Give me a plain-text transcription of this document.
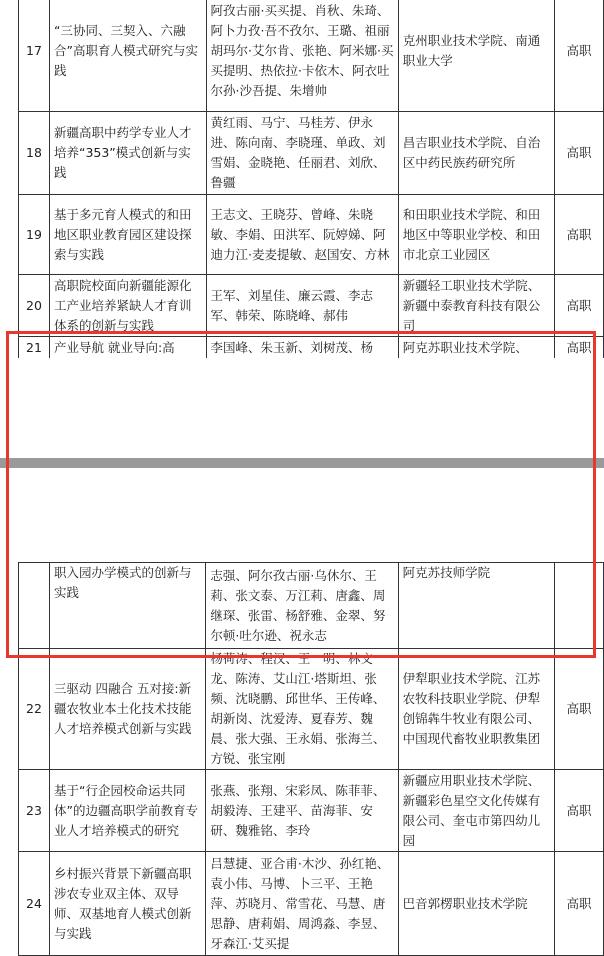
17	“三协同、三契入、六融合”高职育人模式研究与实践	阿孜古丽·买买提、肖秋、朱琦、阿卜力孜·吾不孜尔、王璐、祖丽胡玛尔·艾尔肯、张艳、阿米娜·买买提明、热依拉·卡依木、阿衣吐尔孙·沙吾提、朱增帅	克州职业技术学院、南通职业大学	高职
18	新疆高职中药学专业人才培养“353”模式创新与实践	黄红雨、马宁、马桂芳、伊永进、陈向南、李晓瑾、单政、刘雪娟、金晓艳、任丽君、刘欣、鲁疆	昌吉职业技术学院、自治区中药民族药研究所	高职
19	基于多元育人模式的和田地区职业教育园区建设探索与实践	王志文、王晓芬、曾峰、朱晓敏、李娟、田洪军、阮婷娣、阿迪力江·麦麦提敏、赵国安、方林	和田职业技术学院、和田地区中等职业学校、和田市北京工业园区	高职
20	高职院校面向新疆能源化工产业培养紧缺人才育训体系的创新与实践	王军、刘星佳、廉云霞、李志军、韩荣、陈晓峰、郝伟	新疆轻工职业技术学院、新疆中泰教育科技有限公司	高职
21	产业导航 就业导向:高	李国峰、朱玉新、刘树茂、杨	阿克苏职业技术学院、	高职
	职入园办学模式的创新与实践	志强、阿尔孜古丽·乌休尔、王莉、张文泰、万江莉、唐鑫、周继琛、张雷、杨舒雅、金翠、努尔顿·吐尔逊、祝永志	阿克苏技师学院	
22	三驱动 四融合 五对接:新疆农牧业本土化技术技能人才培养模式创新与实践	杨荷涛、程汉、王一明、林文龙、陈涛、艾山江·塔斯坦、张频、沈晓鹏、邱世华、王传峰、胡新岗、沈爱涛、夏春芳、魏晨、张大强、王永娟、张海兰、方锐、张宝刚	伊犁职业技术学院、江苏农牧科技职业学院、伊犁创锦犇牛牧业有限公司、中国现代畜牧业职教集团	高职
23	基于“行企园校命运共同体”的边疆高职学前教育专业人才培养模式的研究	张燕、张翔、宋彩凤、陈菲菲、胡毅涛、王建平、苗海菲、安研、魏雅铭、李玲	新疆应用职业技术学院、新疆彩色星空文化传媒有限公司、奎屯市第四幼儿园	高职
24	乡村振兴背景下新疆高职涉农专业双主体、双导师、双基地育人模式创新与实践	吕慧捷、亚合甫·木沙、孙红艳、袁小伟、马博、卜三平、王艳萍、苏晓月、常雪花、马慧、唐思静、唐莉娟、周鸿淼、李昱、牙森江·艾买提	巴音郭楞职业技术学院	高职
